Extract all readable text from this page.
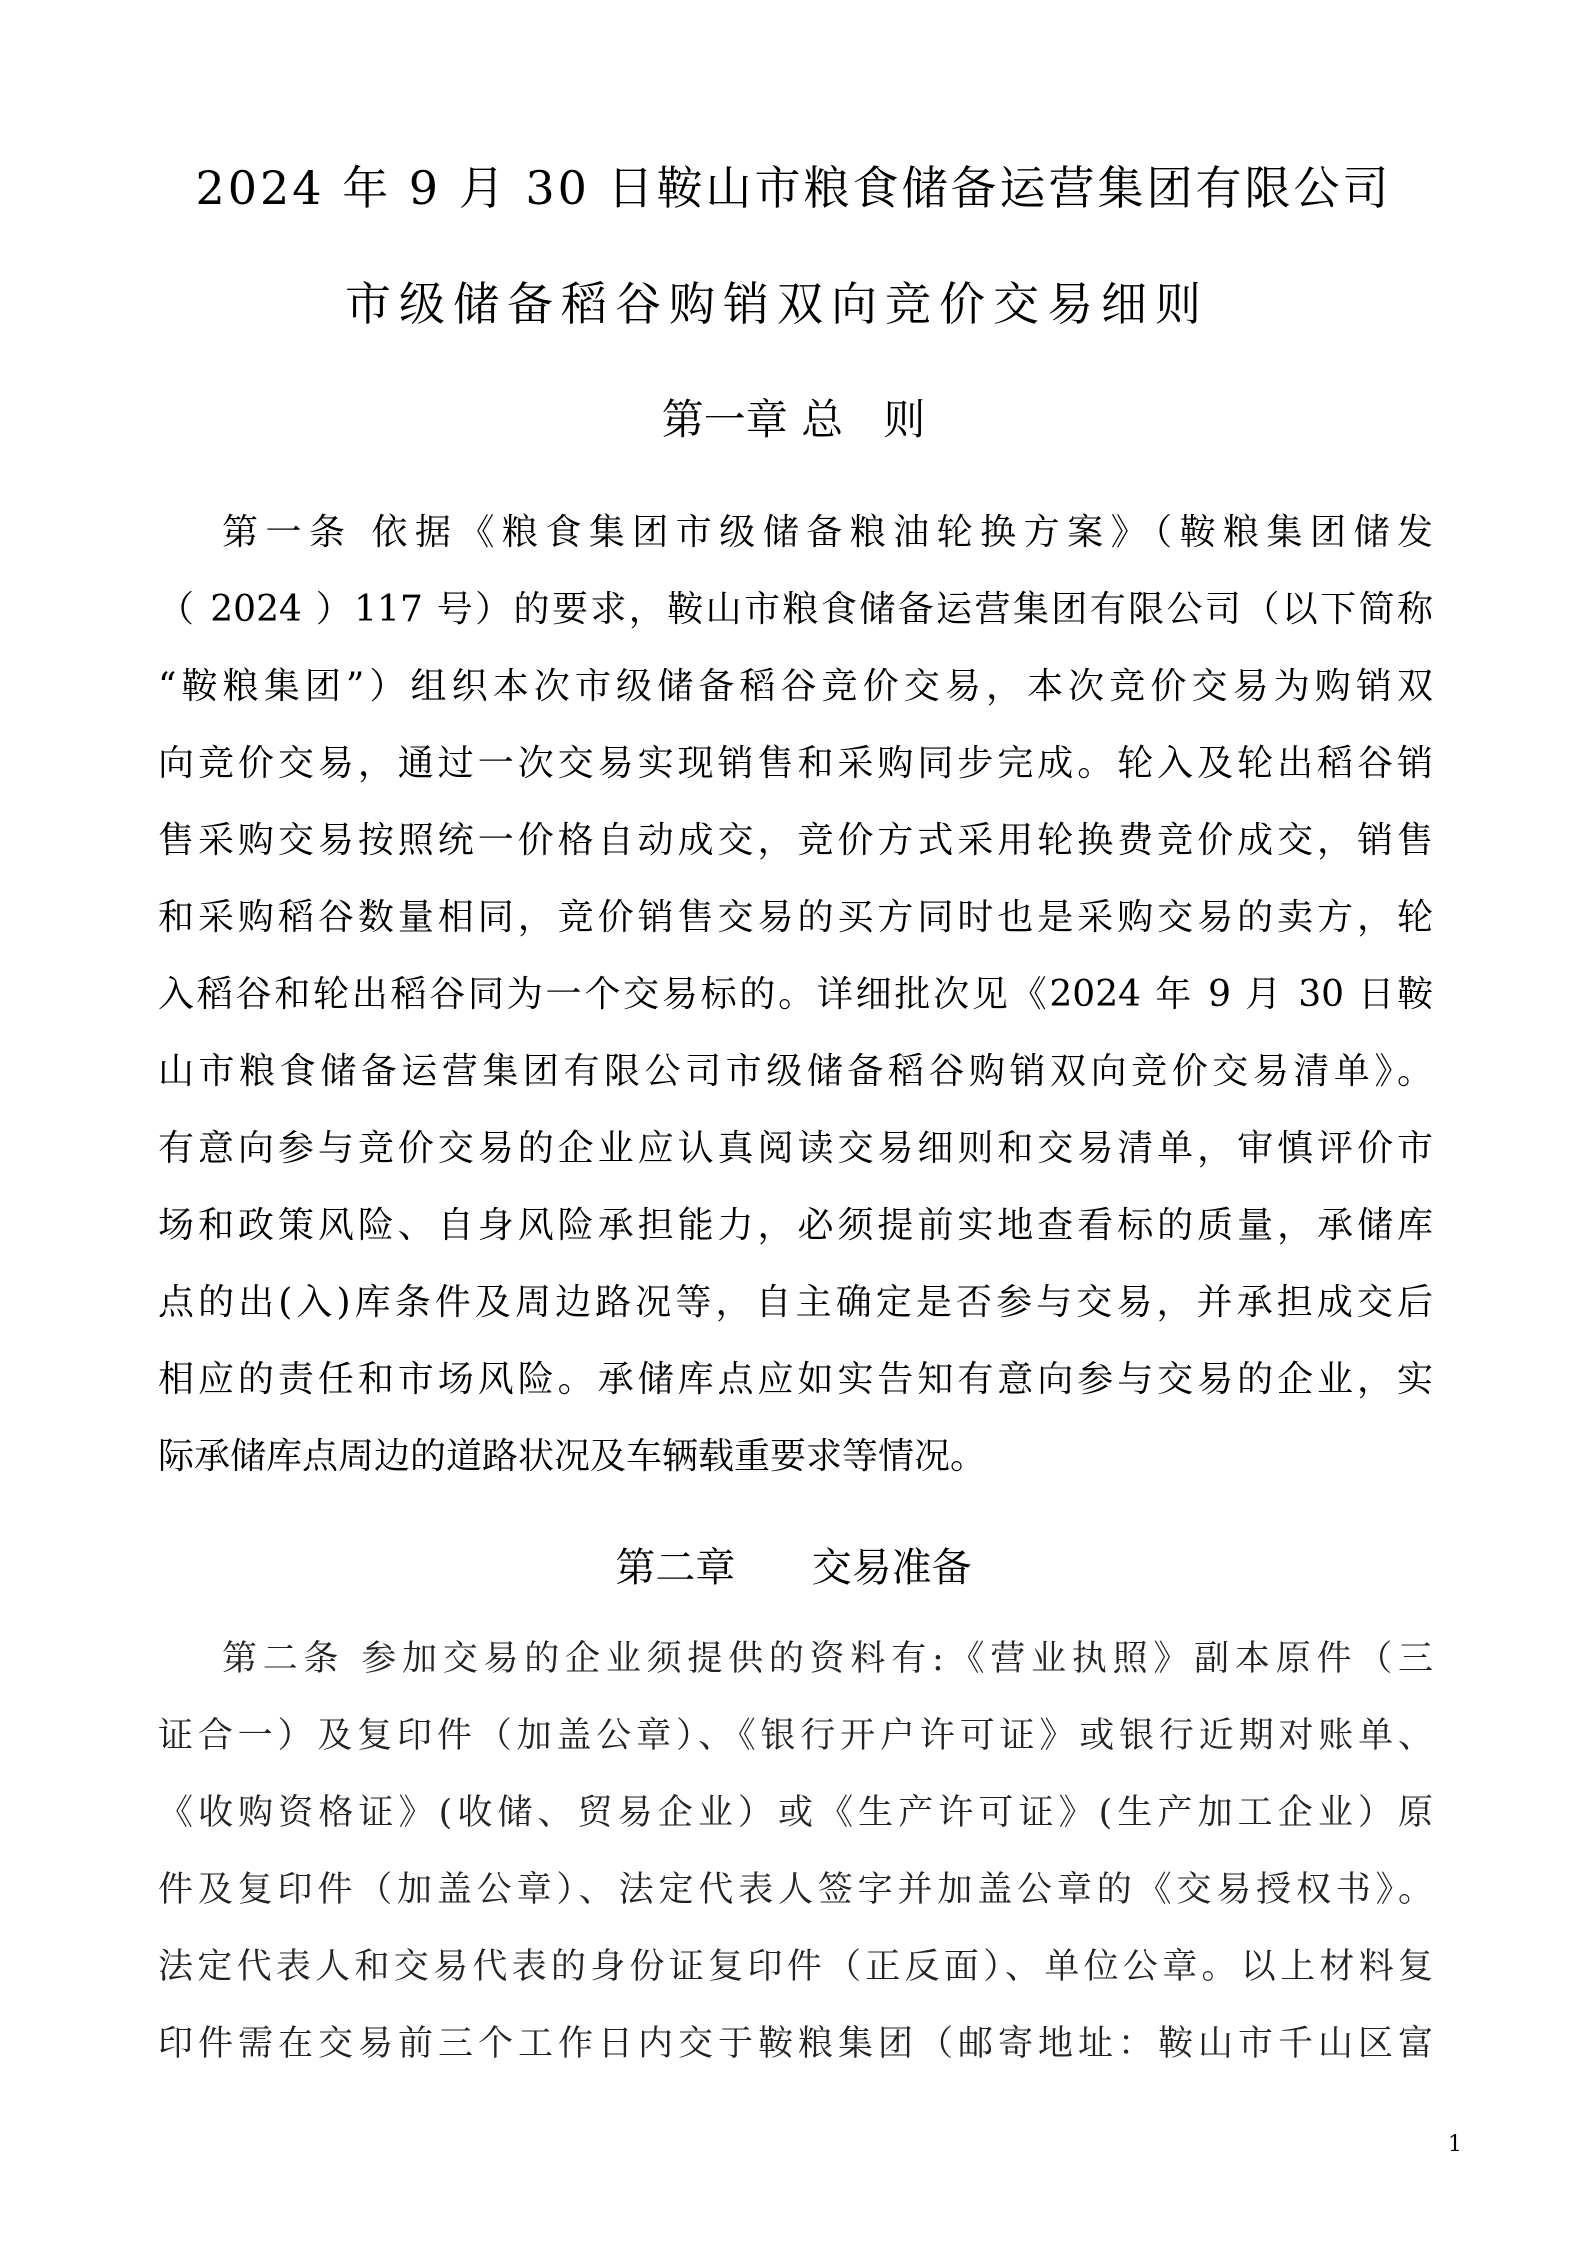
2024 年 9 月 30 日鞍山市粮食储备运营集团有限公司
市级储备稻谷购销双向竞价交易细则
第一章 总   则
第一条 依据《粮食集团市级储备粮油轮换方案》（鞍粮集团储发
（ 2024 ）117 号）的要求，鞍山市粮食储备运营集团有限公司（以下简称
“鞍粮集团”）组织本次市级储备稻谷竞价交易，本次竞价交易为购销双
向竞价交易，通过一次交易实现销售和采购同步完成。轮入及轮出稻谷销
售采购交易按照统一价格自动成交，竞价方式采用轮换费竞价成交，销售
和采购稻谷数量相同，竞价销售交易的买方同时也是采购交易的卖方，轮
入稻谷和轮出稻谷同为一个交易标的。详细批次见《2024 年 9 月 30 日鞍
山市粮食储备运营集团有限公司市级储备稻谷购销双向竞价交易清单》。
有意向参与竞价交易的企业应认真阅读交易细则和交易清单，审慎评价市
场和政策风险、自身风险承担能力，必须提前实地查看标的质量，承储库
点的出(入)库条件及周边路况等，自主确定是否参与交易，并承担成交后
相应的责任和市场风险。承储库点应如实告知有意向参与交易的企业，实
际承储库点周边的道路状况及车辆载重要求等情况。
第二章      交易准备
第二条 参加交易的企业须提供的资料有:《营业执照》副本原件（三
证合一）及复印件（加盖公章）、《银行开户许可证》或银行近期对账单、
《收购资格证》(收储、贸易企业）或《生产许可证》(生产加工企业）原
件及复印件（加盖公章）、法定代表人签字并加盖公章的《交易授权书》。
法定代表人和交易代表的身份证复印件（正反面）、单位公章。以上材料复
印件需在交易前三个工作日内交于鞍粮集团（邮寄地址：鞍山市千山区富
1
